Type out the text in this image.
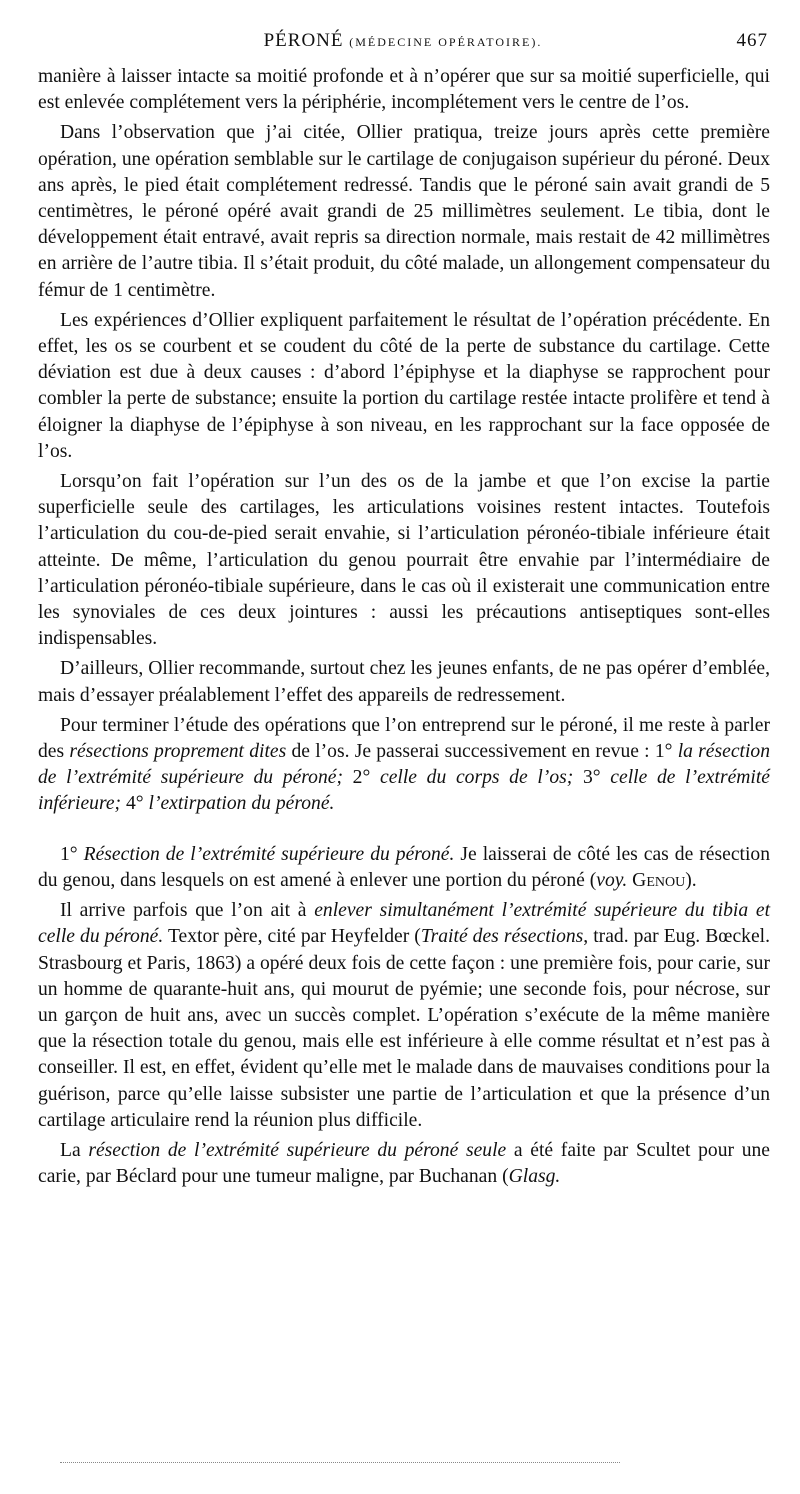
PÉRONÉ (MÉDECINE OPÉRATOIRE).	467

manière à laisser intacte sa moitié profonde et à n’opérer que sur sa moitié superficielle, qui est enlevée complétement vers la périphérie, incomplétement vers le centre de l’os.

Dans l’observation que j’ai citée, Ollier pratiqua, treize jours après cette première opération, une opération semblable sur le cartilage de conjugaison supérieur du péroné. Deux ans après, le pied était complétement redressé. Tandis que le péroné sain avait grandi de 5 centimètres, le péroné opéré avait grandi de 25 millimètres seulement. Le tibia, dont le développement était entravé, avait repris sa direction normale, mais restait de 42 millimètres en arrière de l’autre tibia. Il s’était produit, du côté malade, un allongement compensateur du fémur de 1 centimètre.

Les expériences d’Ollier expliquent parfaitement le résultat de l’opération précédente. En effet, les os se courbent et se coudent du côté de la perte de substance du cartilage. Cette déviation est due à deux causes : d’abord l’épiphyse et la diaphyse se rapprochent pour combler la perte de substance; ensuite la portion du cartilage restée intacte prolifère et tend à éloigner la diaphyse de l’épiphyse à son niveau, en les rapprochant sur la face opposée de l’os.

Lorsqu’on fait l’opération sur l’un des os de la jambe et que l’on excise la partie superficielle seule des cartilages, les articulations voisines restent intactes. Toutefois l’articulation du cou-de-pied serait envahie, si l’articulation péronéo-tibiale inférieure était atteinte. De même, l’articulation du genou pourrait être envahie par l’intermédiaire de l’articulation péronéo-tibiale supérieure, dans le cas où il existerait une communication entre les synoviales de ces deux jointures : aussi les précautions antiseptiques sont-elles indispensables.

D’ailleurs, Ollier recommande, surtout chez les jeunes enfants, de ne pas opérer d’emblée, mais d’essayer préalablement l’effet des appareils de redressement.

Pour terminer l’étude des opérations que l’on entreprend sur le péroné, il me reste à parler des résections proprement dites de l’os. Je passerai successivement en revue : 1° la résection de l’extrémité supérieure du péroné; 2° celle du corps de l’os; 3° celle de l’extrémité inférieure; 4° l’extirpation du péroné.

1° Résection de l’extrémité supérieure du péroné. Je laisserai de côté les cas de résection du genou, dans lesquels on est amené à enlever une portion du péroné (voy. Genou).

Il arrive parfois que l’on ait à enlever simultanément l’extrémité supérieure du tibia et celle du péroné. Textor père, cité par Heyfelder (Traité des résections, trad. par Eug. Bœckel. Strasbourg et Paris, 1863) a opéré deux fois de cette façon : une première fois, pour carie, sur un homme de quarante-huit ans, qui mourut de pyémie; une seconde fois, pour nécrose, sur un garçon de huit ans, avec un succès complet. L’opération s’exécute de la même manière que la résection totale du genou, mais elle est inférieure à elle comme résultat et n’est pas à conseiller. Il est, en effet, évident qu’elle met le malade dans de mauvaises conditions pour la guérison, parce qu’elle laisse subsister une partie de l’articulation et que la présence d’un cartilage articulaire rend la réunion plus difficile.

La résection de l’extrémité supérieure du péroné seule a été faite par Scultet pour une carie, par Béclard pour une tumeur maligne, par Buchanan (Glasg.
